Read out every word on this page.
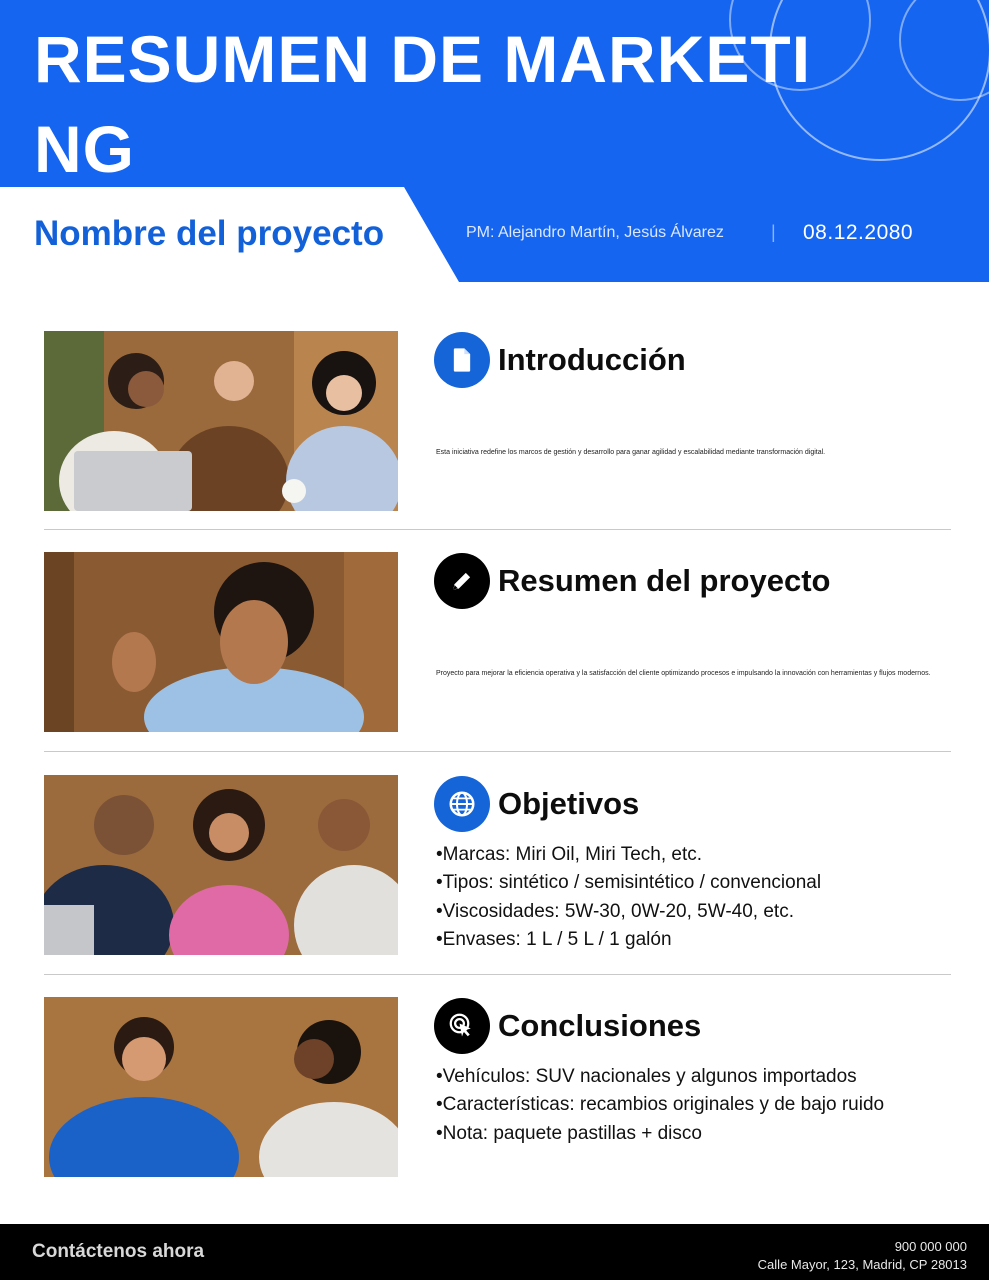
RESUMEN DE MARKETI NG
Nombre del proyecto	PM: Alejandro Martín, Jesús Álvarez	| 08.12.2080
Introducción
Esta iniciativa redefine los marcos de gestión y desarrollo para ganar agilidad y escalabilidad mediante transformación digital.
Resumen del proyecto
Proyecto para mejorar la eficiencia operativa y la satisfacción del cliente optimizando procesos e impulsando la innovación con herramientas y flujos modernos.
Objetivos
• Marcas: Miri Oil, Miri Tech, etc.
• Tipos: sintético / semisintético / convencional
• Viscosidades: 5W-30, 0W-20, 5W-40, etc.
• Envases: 1 L / 5 L / 1 galón
Conclusiones
• Vehículos: SUV nacionales y algunos importados
• Características: recambios originales y de bajo ruido
• Nota: paquete pastillas + disco
Contáctenos ahora	900 000 000
Calle Mayor, 123, Madrid, CP 28013
